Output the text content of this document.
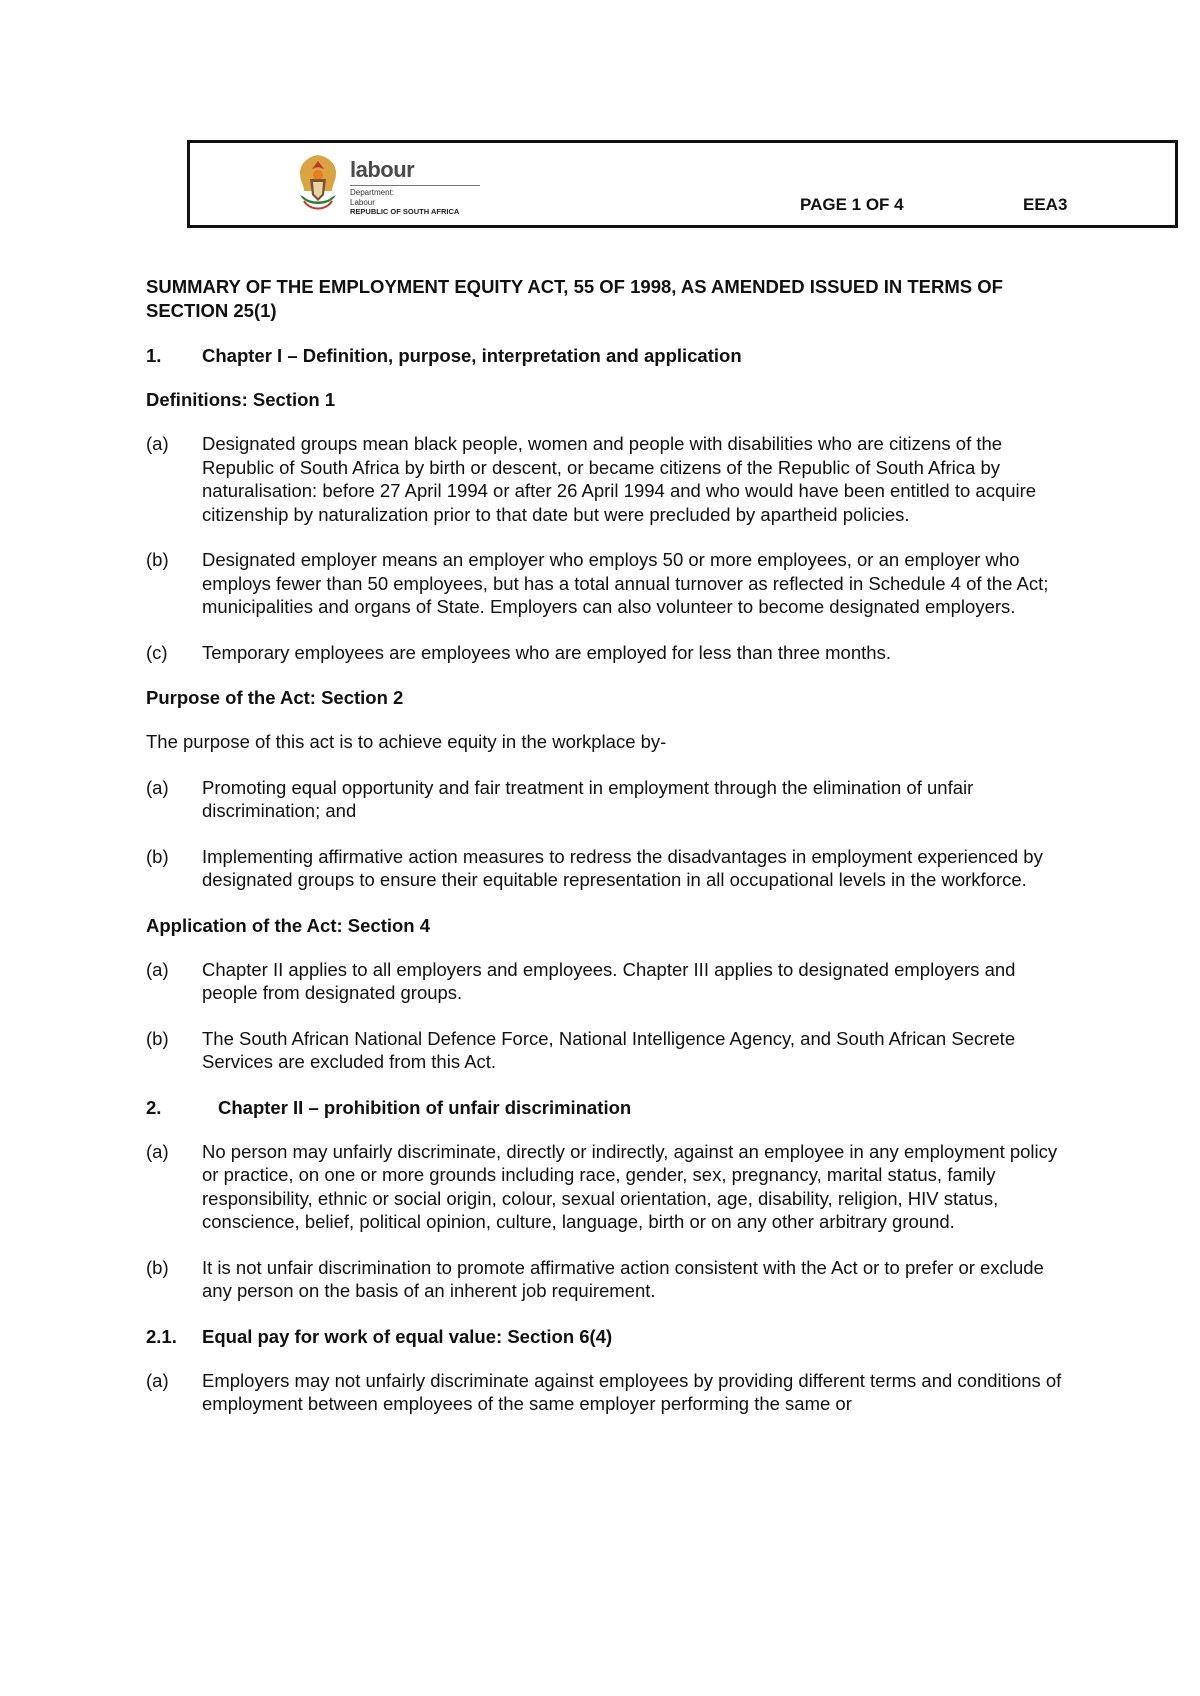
labour
Department:
Labour
REPUBLIC OF SOUTH AFRICA	PAGE 1 OF 4	EEA3
SUMMARY OF THE EMPLOYMENT EQUITY ACT, 55 OF 1998, AS AMENDED ISSUED IN TERMS OF SECTION 25(1)
1.	Chapter I – Definition, purpose, interpretation and application
Definitions: Section 1
(a)	Designated groups mean black people, women and people with disabilities who are citizens of the Republic of South Africa by birth or descent, or became citizens of the Republic of South Africa by naturalisation: before 27 April 1994 or after 26 April 1994 and who would have been entitled to acquire citizenship by naturalization prior to that date but were precluded by apartheid policies.
(b)	Designated employer means an employer who employs 50 or more employees, or an employer who employs fewer than 50 employees, but has a total annual turnover as reflected in Schedule 4 of the Act; municipalities and organs of State. Employers can also volunteer to become designated employers.
(c)	Temporary employees are employees who are employed for less than three months.
Purpose of the Act: Section 2
The purpose of this act is to achieve equity in the workplace by-
(a)	Promoting equal opportunity and fair treatment in employment through the elimination of unfair discrimination; and
(b)	Implementing affirmative action measures to redress the disadvantages in employment experienced by designated groups to ensure their equitable representation in all occupational levels in the workforce.
Application of the Act: Section 4
(a)	Chapter II applies to all employers and employees. Chapter III applies to designated employers and people from designated groups.
(b)	The South African National Defence Force, National Intelligence Agency, and South African Secrete Services are excluded from this Act.
2.	Chapter II – prohibition of unfair discrimination
(a)	No person may unfairly discriminate, directly or indirectly, against an employee in any employment policy or practice, on one or more grounds including race, gender, sex, pregnancy, marital status, family responsibility, ethnic or social origin, colour, sexual orientation, age, disability, religion, HIV status, conscience, belief, political opinion, culture, language, birth or on any other arbitrary ground.
(b)	It is not unfair discrimination to promote affirmative action consistent with the Act or to prefer or exclude any person on the basis of an inherent job requirement.
2.1.	Equal pay for work of equal value: Section 6(4)
(a)	Employers may not unfairly discriminate against employees by providing different terms and conditions of employment between employees of the same employer performing the same or
